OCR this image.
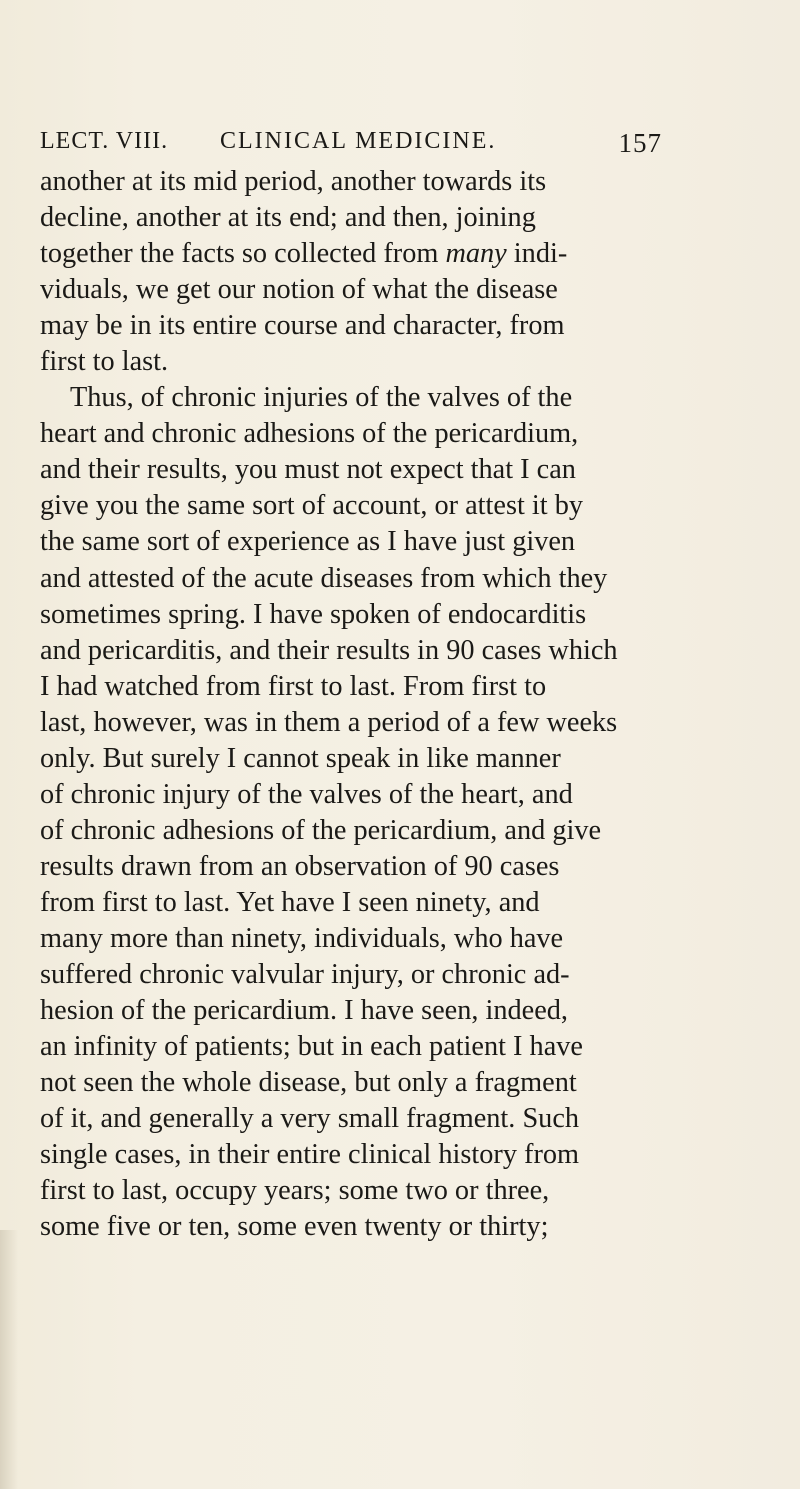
LECT. VIII. CLINICAL MEDICINE.	157
another at its mid period, another towards its
decline, another at its end; and then, joining
together the facts so collected from many indi-
viduals, we get our notion of what the disease
may be in its entire course and character, from
first to last.
Thus, of chronic injuries of the valves of the
heart and chronic adhesions of the pericardium,
and their results, you must not expect that I can
give you the same sort of account, or attest it by
the same sort of experience as I have just given
and attested of the acute diseases from which they
sometimes spring. I have spoken of endocarditis
and pericarditis, and their results in 90 cases which
I had watched from first to last. From first to
last, however, was in them a period of a few weeks
only. But surely I cannot speak in like manner
of chronic injury of the valves of the heart, and
of chronic adhesions of the pericardium, and give
results drawn from an observation of 90 cases
from first to last. Yet have I seen ninety, and
many more than ninety, individuals, who have
suffered chronic valvular injury, or chronic ad-
hesion of the pericardium. I have seen, indeed,
an infinity of patients; but in each patient I have
not seen the whole disease, but only a fragment
of it, and generally a very small fragment. Such
single cases, in their entire clinical history from
first to last, occupy years; some two or three,
some five or ten, some even twenty or thirty;
